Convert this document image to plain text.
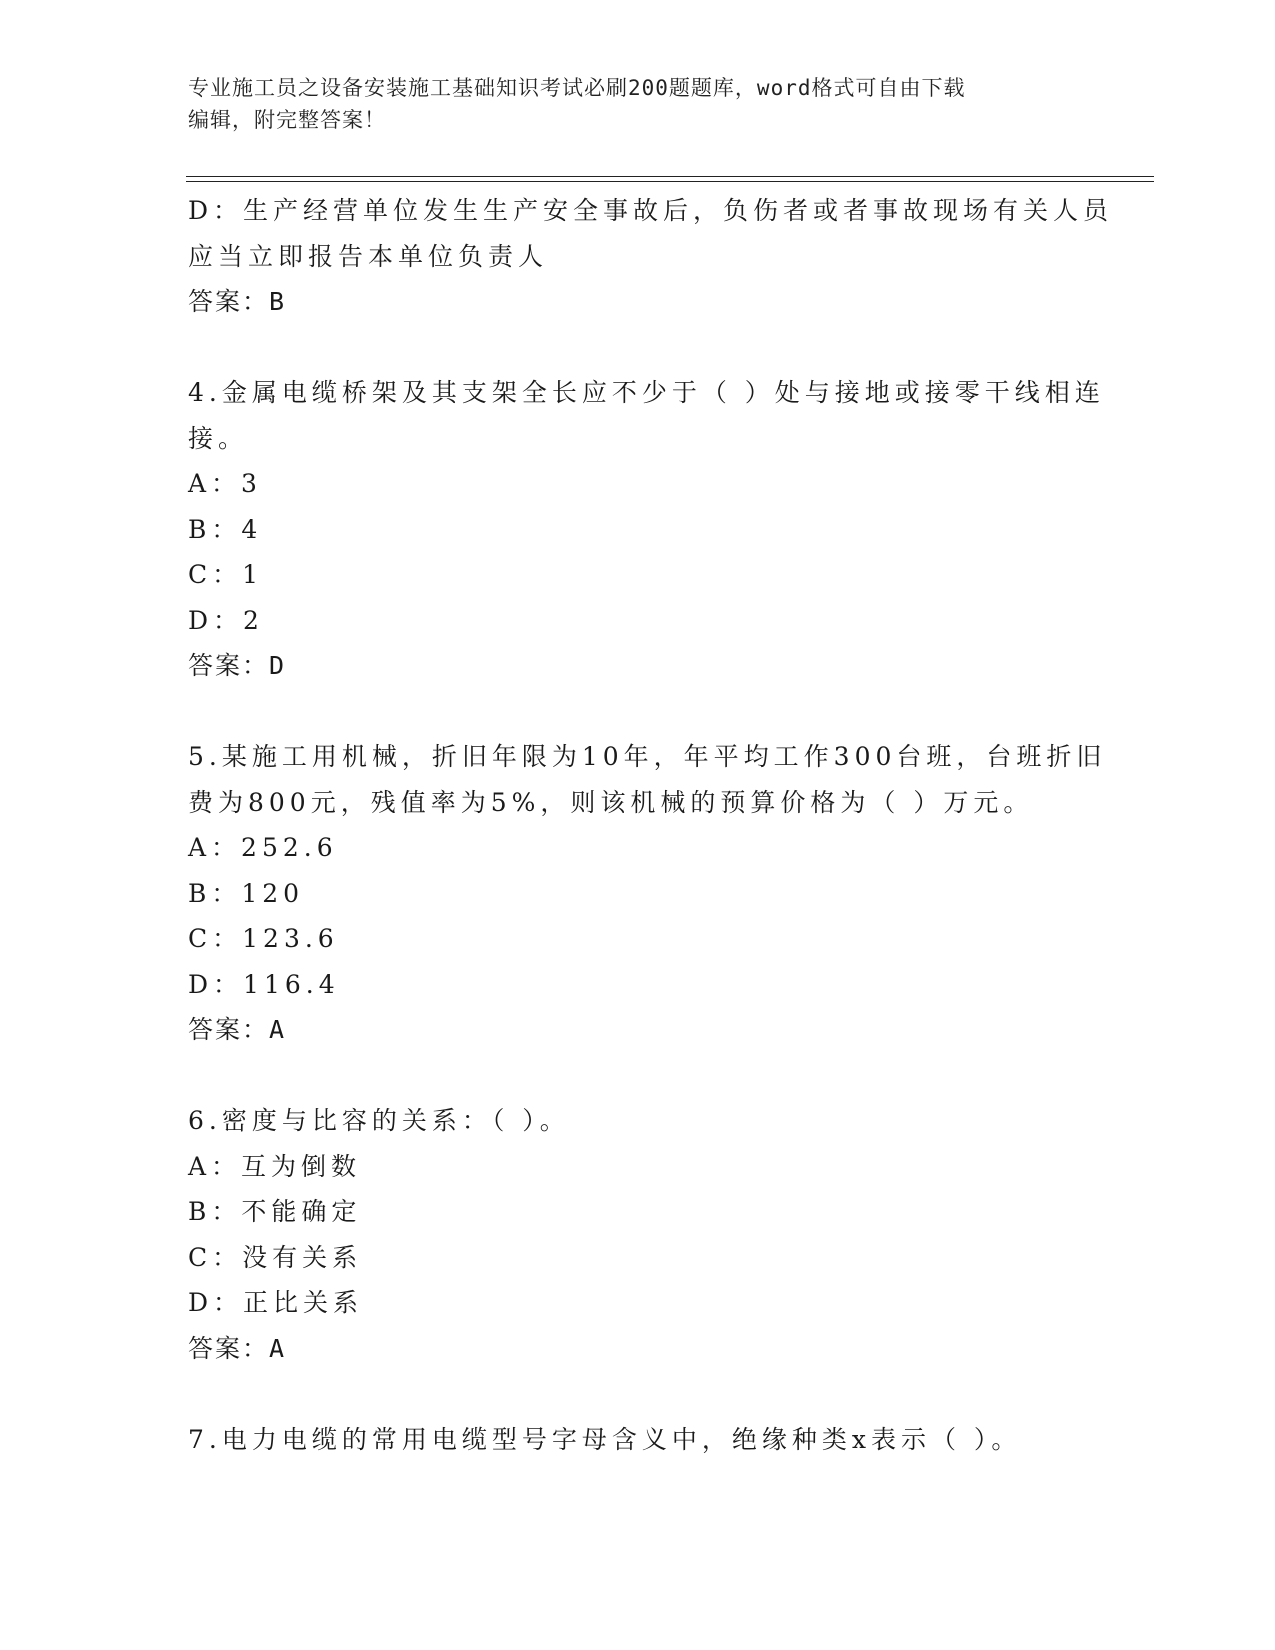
专业施工员之设备安装施工基础知识考试必刷200题题库，word格式可自由下载
编辑，附完整答案！
D：生产经营单位发生生产安全事故后，负伤者或者事故现场有关人员
应当立即报告本单位负责人
答案：B
4.金属电缆桥架及其支架全长应不少于（ ）处与接地或接零干线相连
接。
A：3
B：4
C：1
D：2
答案：D
5.某施工用机械，折旧年限为10年，年平均工作300台班，台班折旧
费为800元，残值率为5%，则该机械的预算价格为（ ）万元。
A：252.6
B：120
C：123.6
D：116.4
答案：A
6.密度与比容的关系：（ ）。
A：互为倒数
B：不能确定
C：没有关系
D：正比关系
答案：A
7.电力电缆的常用电缆型号字母含义中，绝缘种类x表示（ ）。
